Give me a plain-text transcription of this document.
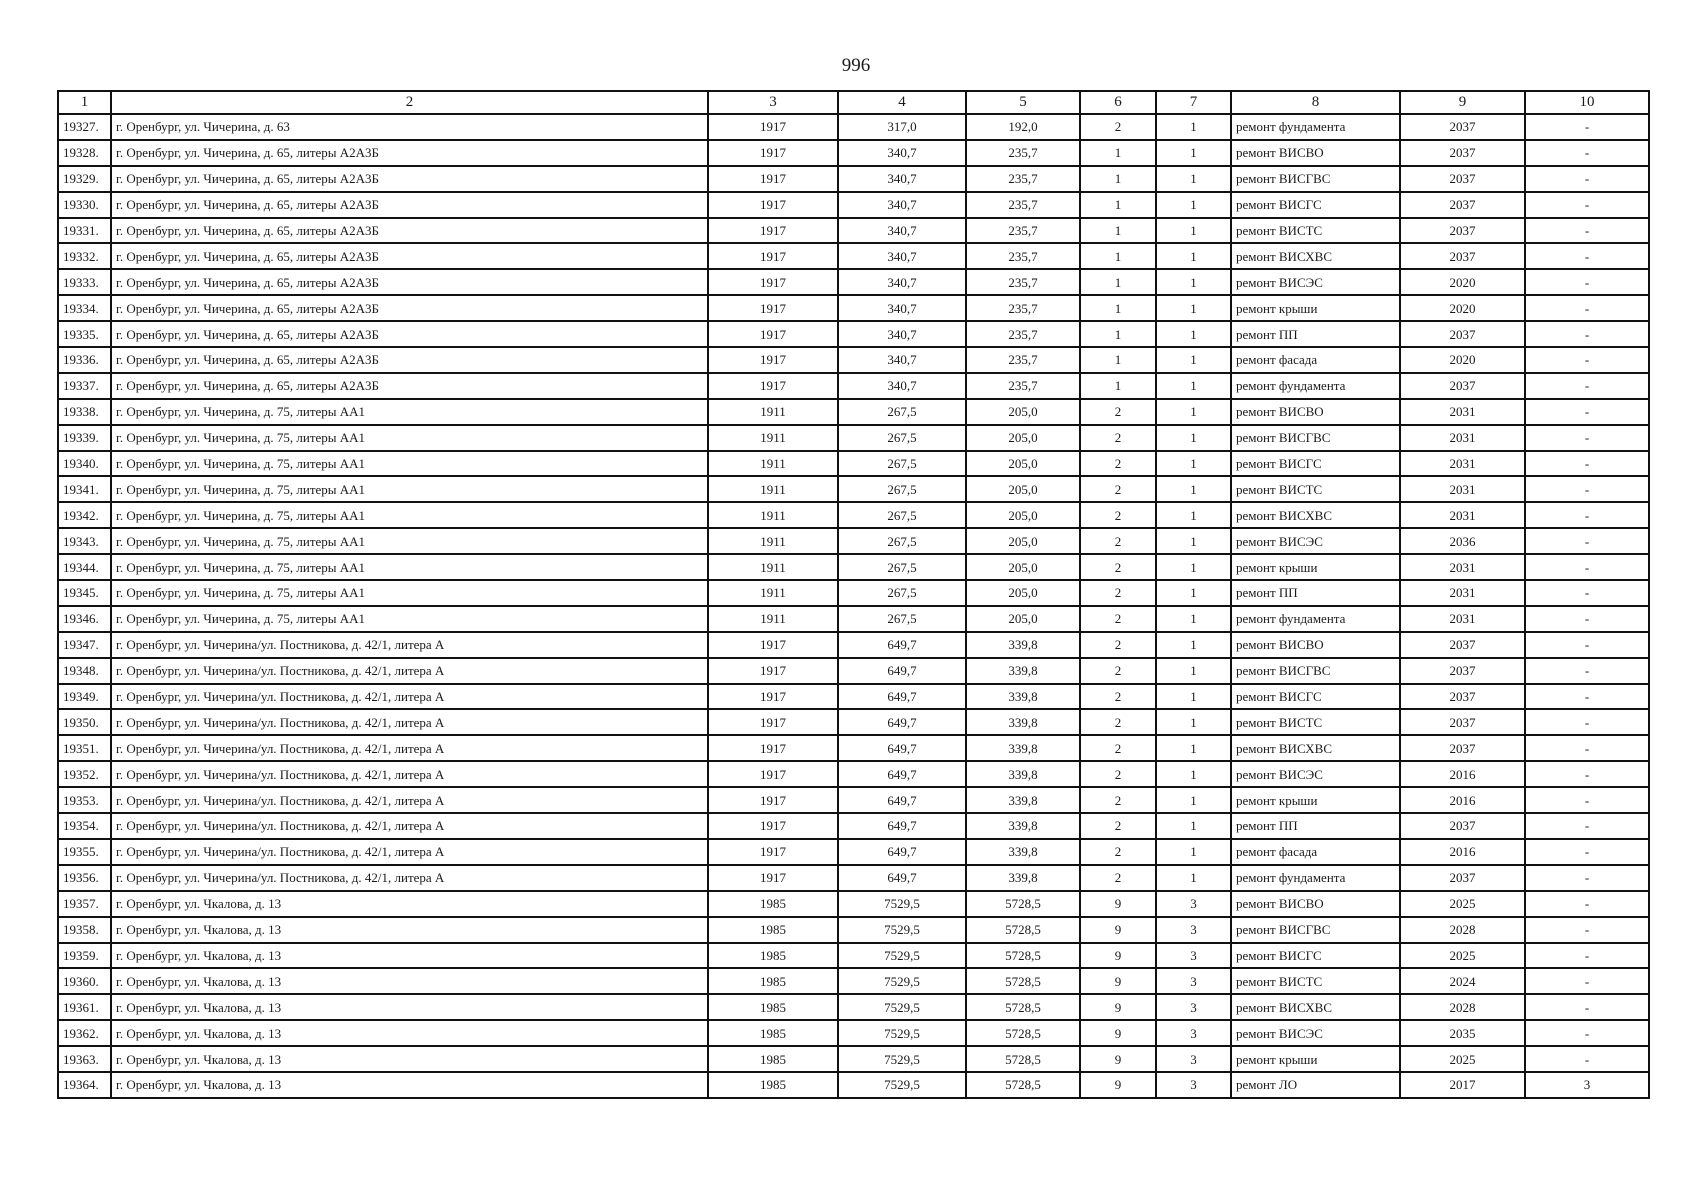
996
1	2	3	4	5	6	7	8	9	10
19327.	г. Оренбург, ул. Чичерина, д. 63	1917	317,0	192,0	2	1	ремонт фундамента	2037	-
19328.	г. Оренбург, ул. Чичерина, д. 65, литеры А2А3Б	1917	340,7	235,7	1	1	ремонт ВИСВО	2037	-
19329.	г. Оренбург, ул. Чичерина, д. 65, литеры А2А3Б	1917	340,7	235,7	1	1	ремонт ВИСГВС	2037	-
19330.	г. Оренбург, ул. Чичерина, д. 65, литеры А2А3Б	1917	340,7	235,7	1	1	ремонт ВИСГС	2037	-
19331.	г. Оренбург, ул. Чичерина, д. 65, литеры А2А3Б	1917	340,7	235,7	1	1	ремонт ВИСТС	2037	-
19332.	г. Оренбург, ул. Чичерина, д. 65, литеры А2А3Б	1917	340,7	235,7	1	1	ремонт ВИСХВС	2037	-
19333.	г. Оренбург, ул. Чичерина, д. 65, литеры А2А3Б	1917	340,7	235,7	1	1	ремонт ВИСЭС	2020	-
19334.	г. Оренбург, ул. Чичерина, д. 65, литеры А2А3Б	1917	340,7	235,7	1	1	ремонт крыши	2020	-
19335.	г. Оренбург, ул. Чичерина, д. 65, литеры А2А3Б	1917	340,7	235,7	1	1	ремонт ПП	2037	-
19336.	г. Оренбург, ул. Чичерина, д. 65, литеры А2А3Б	1917	340,7	235,7	1	1	ремонт фасада	2020	-
19337.	г. Оренбург, ул. Чичерина, д. 65, литеры А2А3Б	1917	340,7	235,7	1	1	ремонт фундамента	2037	-
19338.	г. Оренбург, ул. Чичерина, д. 75, литеры АА1	1911	267,5	205,0	2	1	ремонт ВИСВО	2031	-
19339.	г. Оренбург, ул. Чичерина, д. 75, литеры АА1	1911	267,5	205,0	2	1	ремонт ВИСГВС	2031	-
19340.	г. Оренбург, ул. Чичерина, д. 75, литеры АА1	1911	267,5	205,0	2	1	ремонт ВИСГС	2031	-
19341.	г. Оренбург, ул. Чичерина, д. 75, литеры АА1	1911	267,5	205,0	2	1	ремонт ВИСТС	2031	-
19342.	г. Оренбург, ул. Чичерина, д. 75, литеры АА1	1911	267,5	205,0	2	1	ремонт ВИСХВС	2031	-
19343.	г. Оренбург, ул. Чичерина, д. 75, литеры АА1	1911	267,5	205,0	2	1	ремонт ВИСЭС	2036	-
19344.	г. Оренбург, ул. Чичерина, д. 75, литеры АА1	1911	267,5	205,0	2	1	ремонт крыши	2031	-
19345.	г. Оренбург, ул. Чичерина, д. 75, литеры АА1	1911	267,5	205,0	2	1	ремонт ПП	2031	-
19346.	г. Оренбург, ул. Чичерина, д. 75, литеры АА1	1911	267,5	205,0	2	1	ремонт фундамента	2031	-
19347.	г. Оренбург, ул. Чичерина/ул. Постникова, д. 42/1, литера А	1917	649,7	339,8	2	1	ремонт ВИСВО	2037	-
19348.	г. Оренбург, ул. Чичерина/ул. Постникова, д. 42/1, литера А	1917	649,7	339,8	2	1	ремонт ВИСГВС	2037	-
19349.	г. Оренбург, ул. Чичерина/ул. Постникова, д. 42/1, литера А	1917	649,7	339,8	2	1	ремонт ВИСГС	2037	-
19350.	г. Оренбург, ул. Чичерина/ул. Постникова, д. 42/1, литера А	1917	649,7	339,8	2	1	ремонт ВИСТС	2037	-
19351.	г. Оренбург, ул. Чичерина/ул. Постникова, д. 42/1, литера А	1917	649,7	339,8	2	1	ремонт ВИСХВС	2037	-
19352.	г. Оренбург, ул. Чичерина/ул. Постникова, д. 42/1, литера А	1917	649,7	339,8	2	1	ремонт ВИСЭС	2016	-
19353.	г. Оренбург, ул. Чичерина/ул. Постникова, д. 42/1, литера А	1917	649,7	339,8	2	1	ремонт крыши	2016	-
19354.	г. Оренбург, ул. Чичерина/ул. Постникова, д. 42/1, литера А	1917	649,7	339,8	2	1	ремонт ПП	2037	-
19355.	г. Оренбург, ул. Чичерина/ул. Постникова, д. 42/1, литера А	1917	649,7	339,8	2	1	ремонт фасада	2016	-
19356.	г. Оренбург, ул. Чичерина/ул. Постникова, д. 42/1, литера А	1917	649,7	339,8	2	1	ремонт фундамента	2037	-
19357.	г. Оренбург, ул. Чкалова, д. 13	1985	7529,5	5728,5	9	3	ремонт ВИСВО	2025	-
19358.	г. Оренбург, ул. Чкалова, д. 13	1985	7529,5	5728,5	9	3	ремонт ВИСГВС	2028	-
19359.	г. Оренбург, ул. Чкалова, д. 13	1985	7529,5	5728,5	9	3	ремонт ВИСГС	2025	-
19360.	г. Оренбург, ул. Чкалова, д. 13	1985	7529,5	5728,5	9	3	ремонт ВИСТС	2024	-
19361.	г. Оренбург, ул. Чкалова, д. 13	1985	7529,5	5728,5	9	3	ремонт ВИСХВС	2028	-
19362.	г. Оренбург, ул. Чкалова, д. 13	1985	7529,5	5728,5	9	3	ремонт ВИСЭС	2035	-
19363.	г. Оренбург, ул. Чкалова, д. 13	1985	7529,5	5728,5	9	3	ремонт крыши	2025	-
19364.	г. Оренбург, ул. Чкалова, д. 13	1985	7529,5	5728,5	9	3	ремонт ЛО	2017	3
